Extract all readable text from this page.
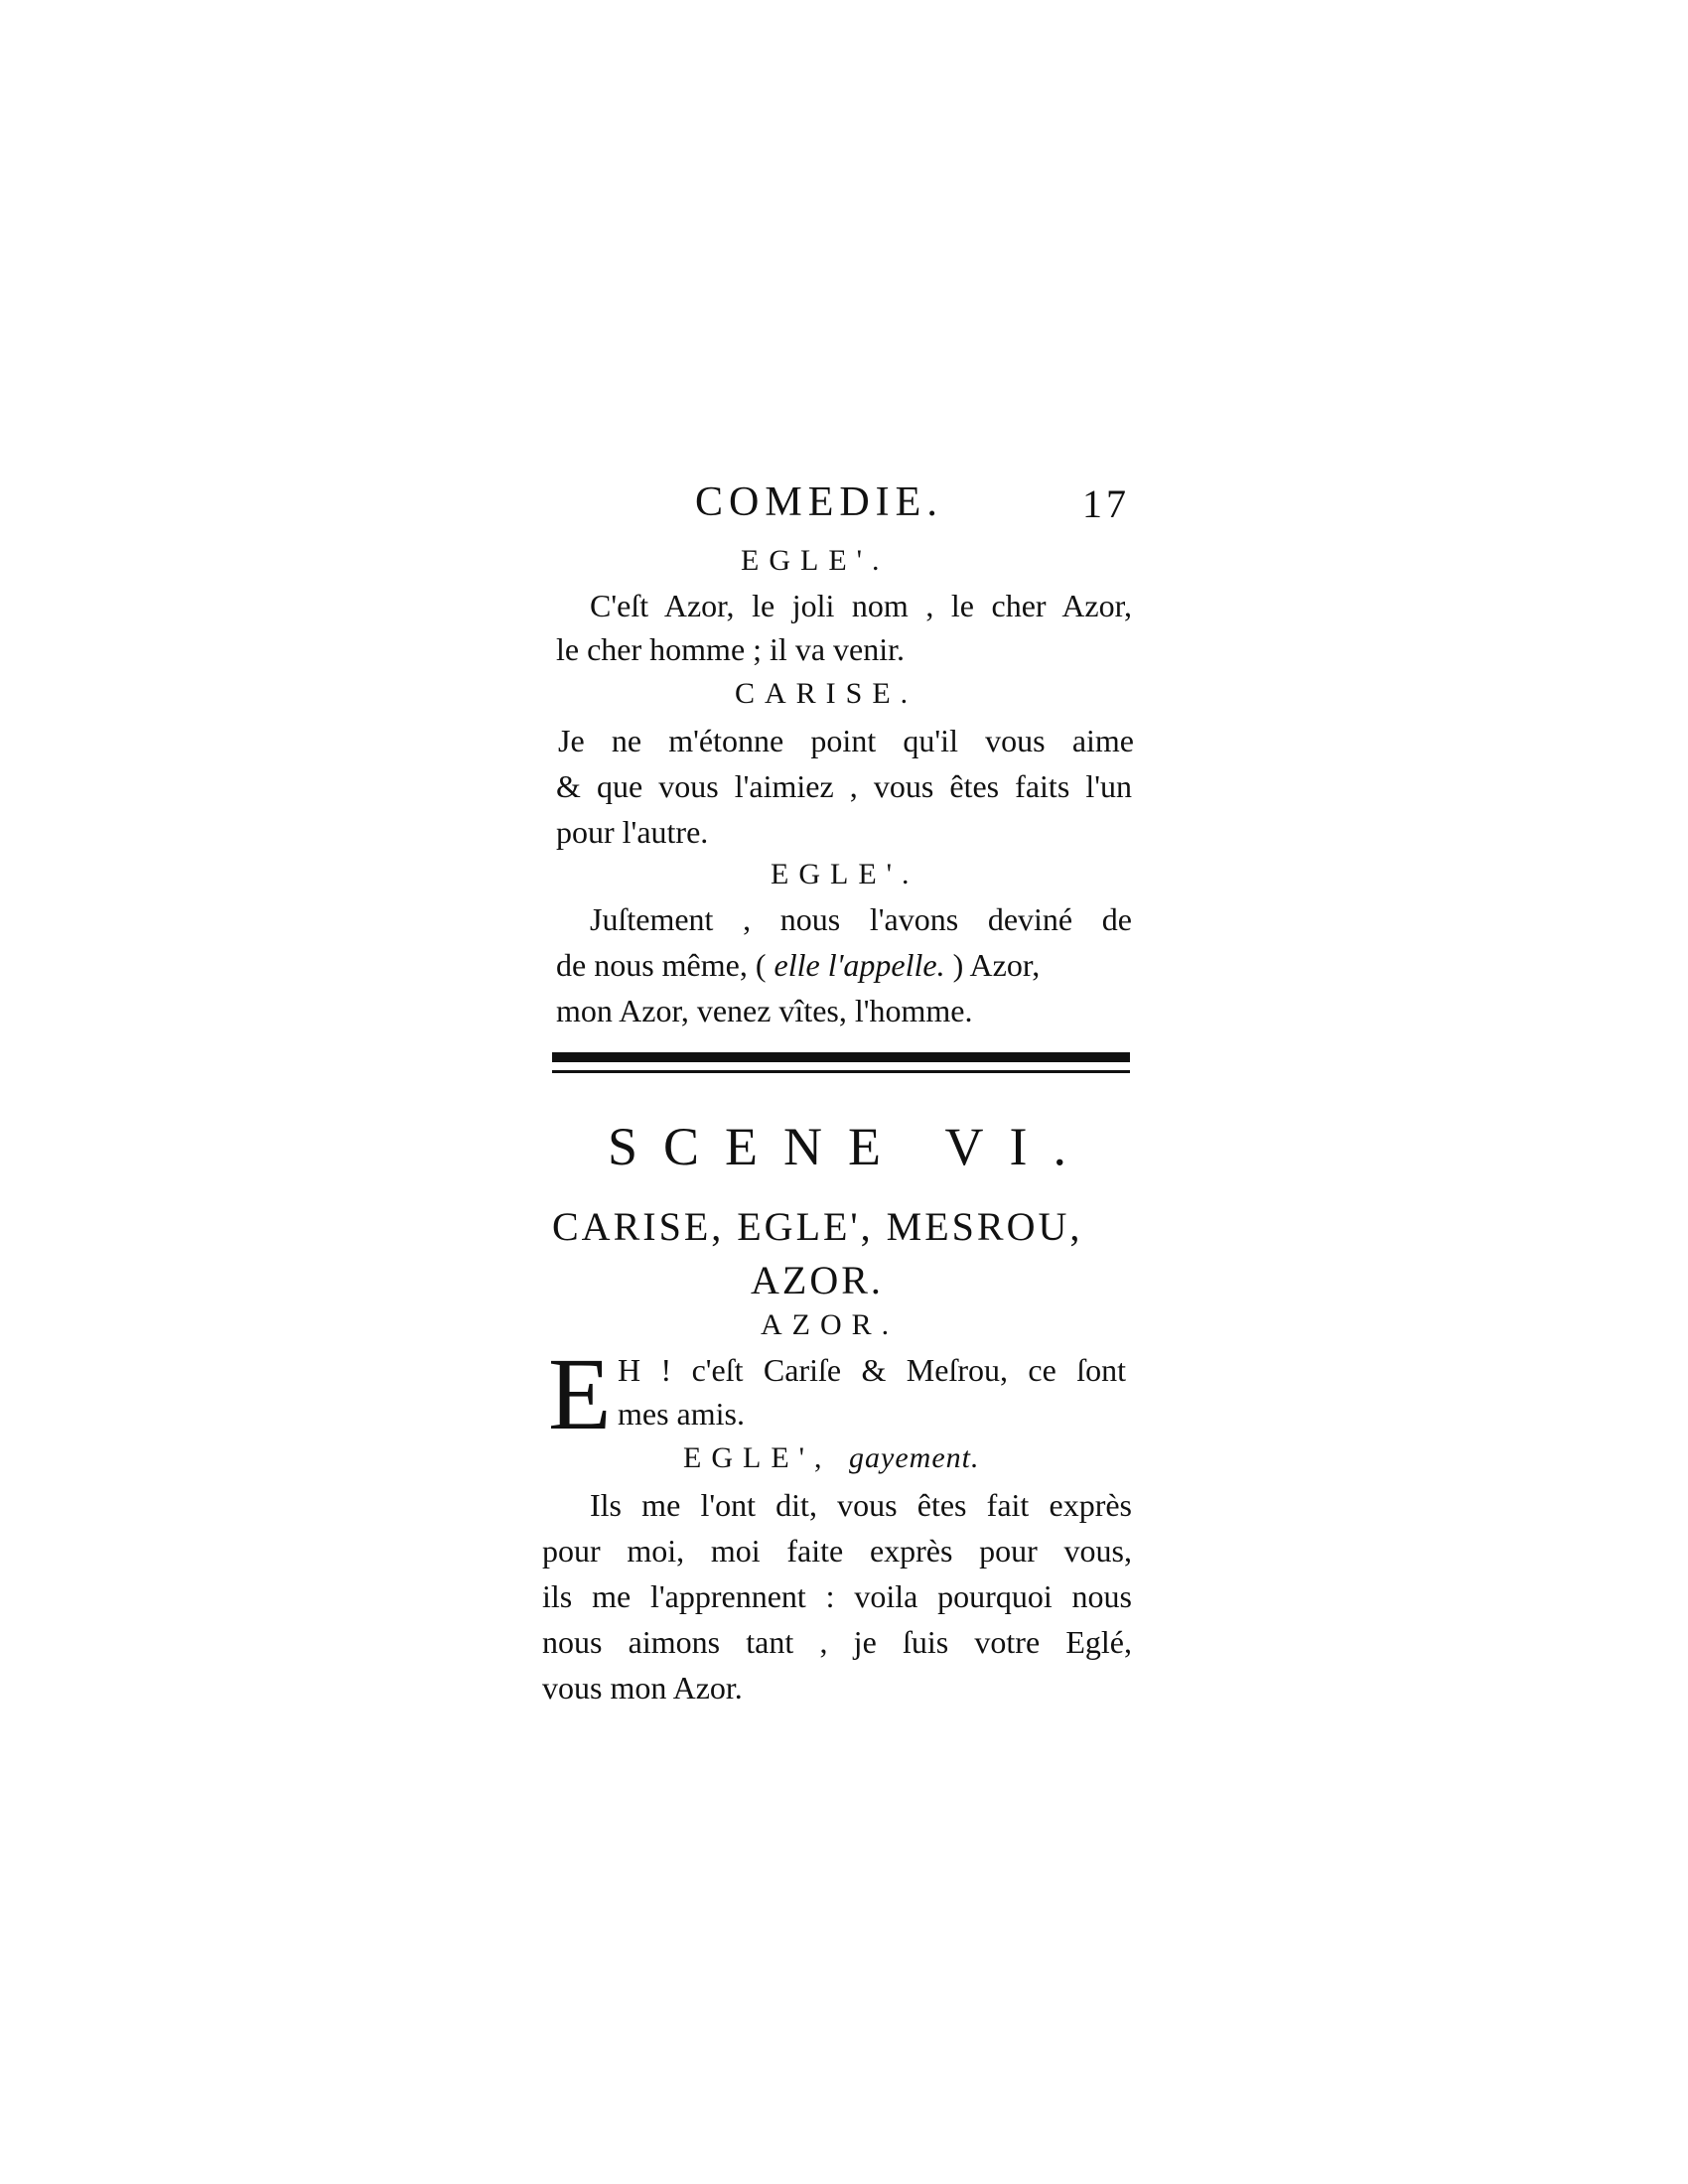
COMEDIE.	17
EGLE'.
C'eſt Azor, le joli nom , le cher Azor,
le cher homme ; il va venir.
CARISE.
Je ne m'étonne point qu'il vous aime
& que vous l'aimiez , vous êtes faits l'un
pour l'autre.
EGLE'.
Juſtement , nous l'avons deviné de
de nous même, ( elle l'appelle. ) Azor,
mon Azor, venez vîtes, l'homme.
SCENE VI.
CARISE, EGLE', MESROU,
AZOR.
AZOR.
E H ! c'eſt Cariſe & Meſrou, ce ſont
mes amis.
EGLE', gayement.
Ils me l'ont dit, vous êtes fait exprès
pour moi, moi faite exprès pour vous,
ils me l'apprennent : voila pourquoi nous
nous aimons tant , je ſuis votre Eglé,
vous mon Azor.
